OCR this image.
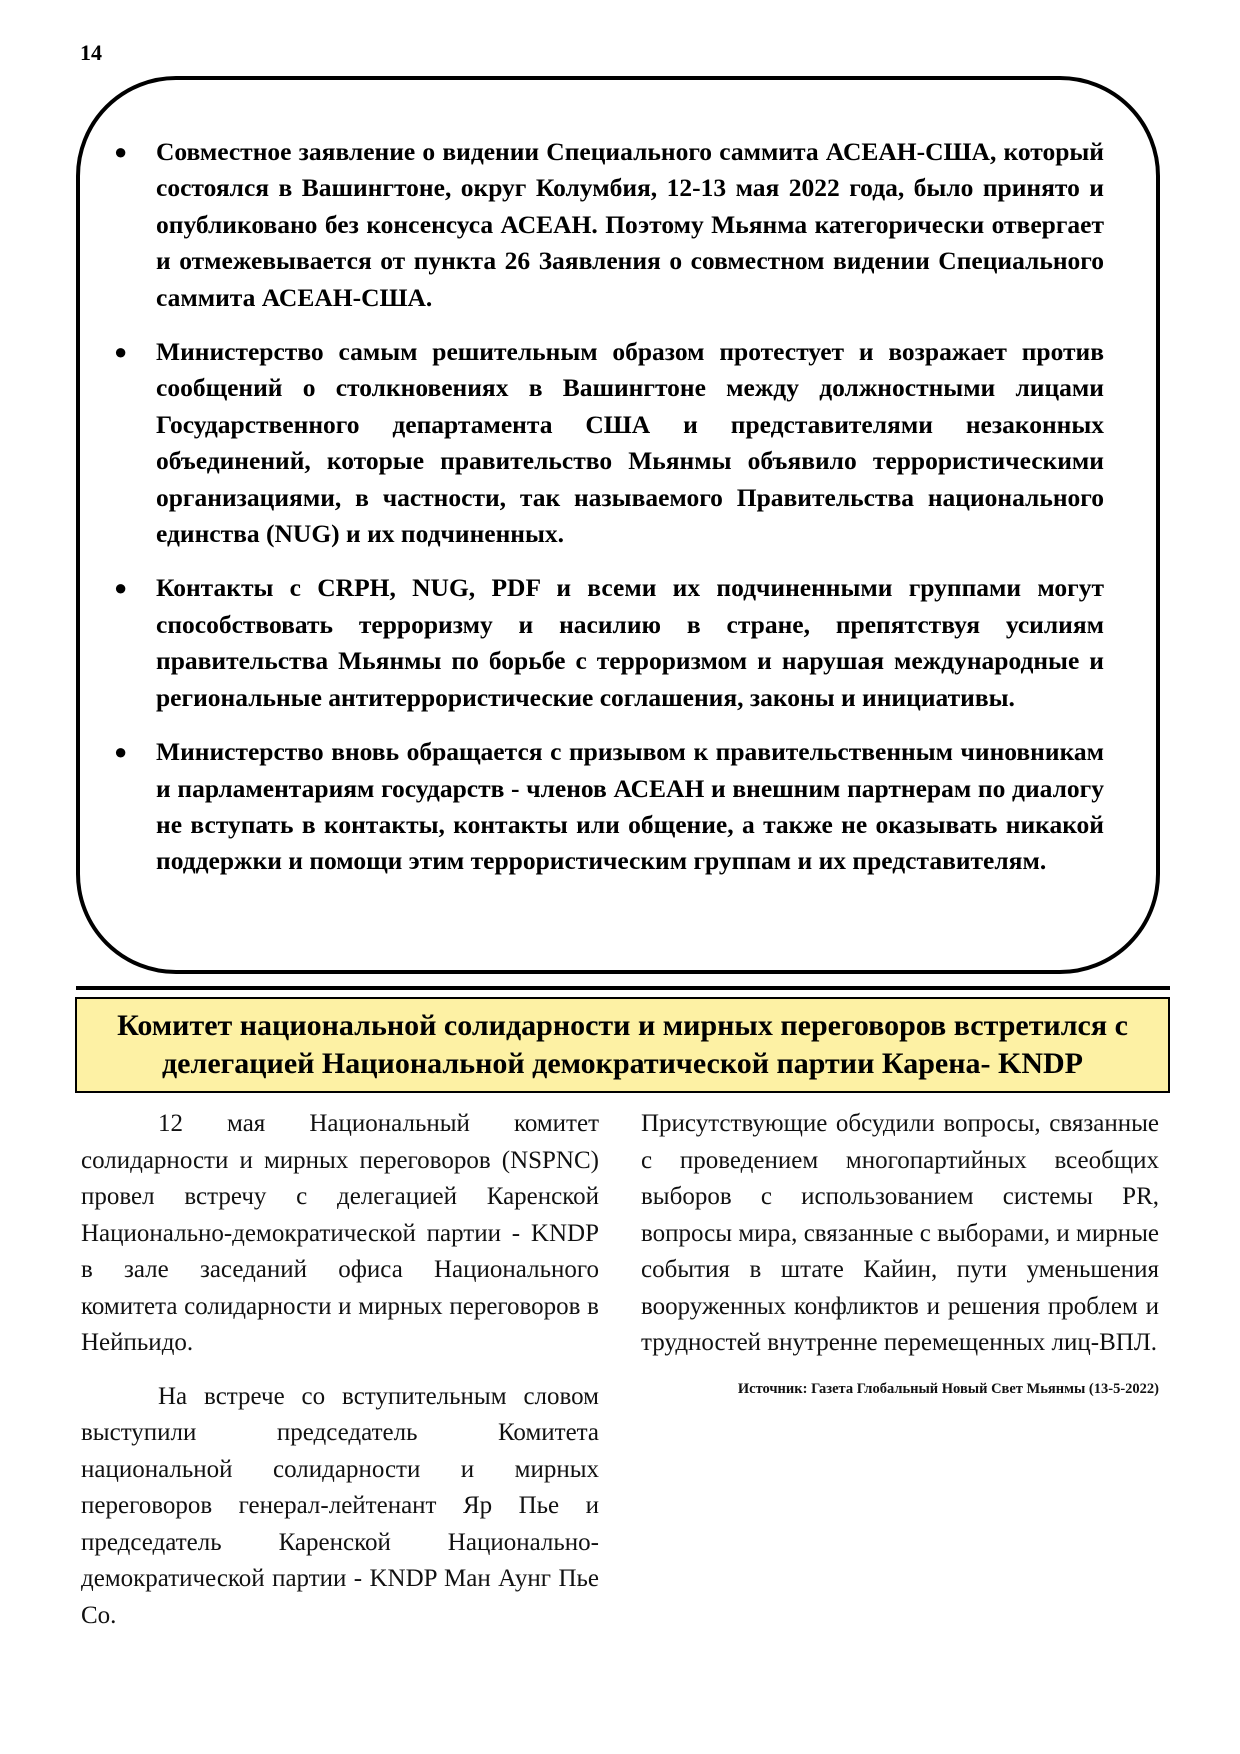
14
● Совместное заявление о видении Специального саммита АСЕАН-США, который состоялся в Вашингтоне, округ Колумбия, 12-13 мая 2022 года, было принято и опубликовано без консенсуса АСЕАН. Поэтому Мьянма категорически отвергает и отмежевывается от пункта 26 Заявления о совместном видении Специального саммита АСЕАН-США.
● Министерство самым решительным образом протестует и возражает против сообщений о столкновениях в Вашингтоне между должностными лицами Государственного департамента США и представителями незаконных объединений, которые правительство Мьянмы объявило террористическими организациями, в частности, так называемого Правительства национального единства (NUG) и их подчиненных.
● Контакты с CRPH, NUG, PDF и всеми их подчиненными группами могут способствовать терроризму и насилию в стране, препятствуя усилиям правительства Мьянмы по борьбе с терроризмом и нарушая международные и региональные антитеррористические соглашения, законы и инициативы.
● Министерство вновь обращается с призывом к правительственным чиновникам и парламентариям государств - членов АСЕАН и внешним партнерам по диалогу не вступать в контакты, контакты или общение, а также не оказывать никакой поддержки и помощи этим террористическим группам и их представителям.
Комитет национальной солидарности и мирных переговоров встретился с делегацией Национальной демократической партии Карена- KNDP

12 мая Национальный комитет солидарности и мирных переговоров (NSPNC) провел встречу с делегацией Каренской Национально-демократической партии - KNDP в зале заседаний офиса Национального комитета солидарности и мирных переговоров в Нейпьидо.

На встрече со вступительным словом выступили председатель Комитета национальной солидарности и мирных переговоров генерал-лейтенант Яр Пье и председатель Каренской Национально-демократической партии - KNDP Ман Аунг Пье Со.

Присутствующие обсудили вопросы, связанные с проведением многопартийных всеобщих выборов с использованием системы PR, вопросы мира, связанные с выборами, и мирные события в штате Кайин, пути уменьшения вооруженных конфликтов и решения проблем и трудностей внутренне перемещенных лиц-ВПЛ.

Источник: Газета Глобальный Новый Свет Мьянмы (13-5-2022)
